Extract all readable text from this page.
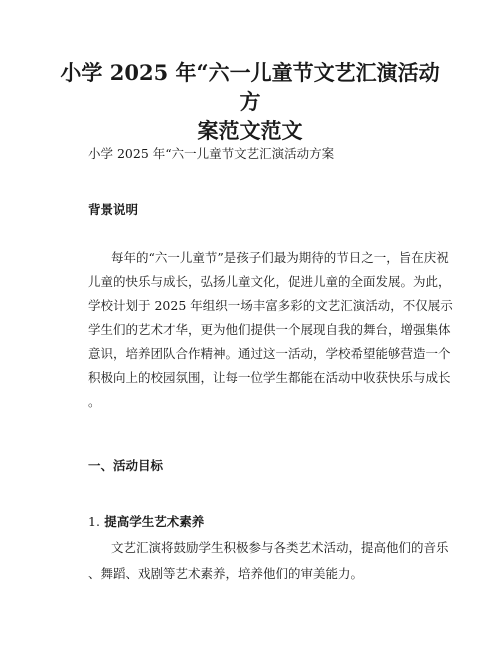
小学 2025 年“六一儿童节文艺汇演活动方
案范文范文

小学 2025 年“六一儿童节文艺汇演活动方案

背景说明

每年的“六一儿童节”是孩子们最为期待的节日之一，旨在庆祝

儿童的快乐与成长，弘扬儿童文化，促进儿童的全面发展。为此，

学校计划于 2025 年组织一场丰富多彩的文艺汇演活动，不仅展示

学生们的艺术才华，更为他们提供一个展现自我的舞台，增强集体

意识，培养团队合作精神。通过这一活动，学校希望能够营造一个

积极向上的校园氛围，让每一位学生都能在活动中收获快乐与成长

。

一、活动目标
1. 提高学生艺术素养

文艺汇演将鼓励学生积极参与各类艺术活动，提高他们的音乐

、舞蹈、戏剧等艺术素养，培养他们的审美能力。
